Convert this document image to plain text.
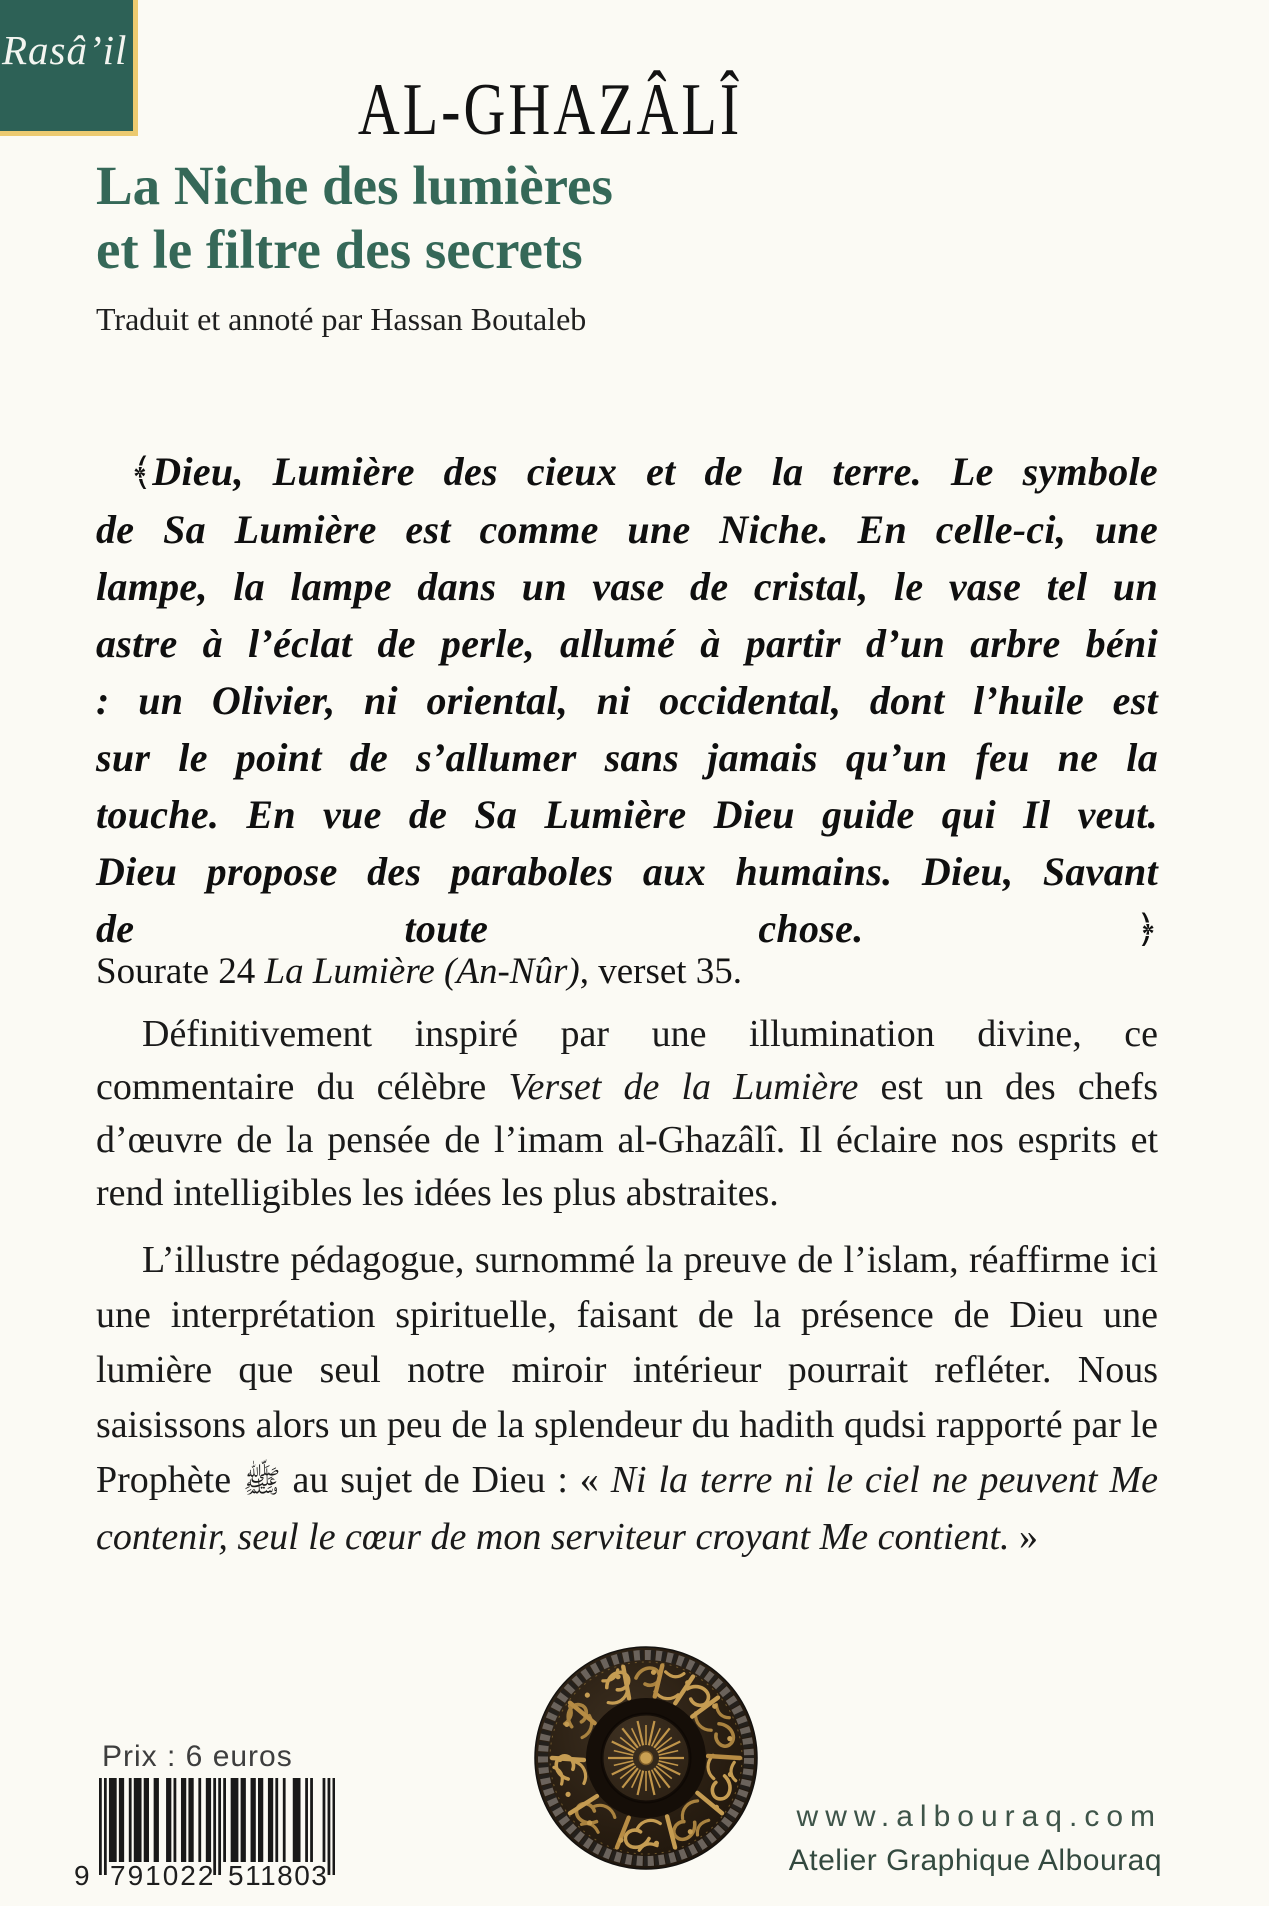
Rasâ’il
AL-GHAZÂLÎ
La Niche des lumières
et le filtre des secrets
Traduit et annoté par Hassan Boutaleb

﴾Dieu, Lumière des cieux et de la terre. Le symbole de Sa Lumière est comme une Niche. En celle-ci, une lampe, la lampe dans un vase de cristal, le vase tel un astre à l’éclat de perle, allumé à partir d’un arbre béni : un Olivier, ni oriental, ni occidental, dont l’huile est sur le point de s’allumer sans jamais qu’un feu ne la touche. En vue de Sa Lumière Dieu guide qui Il veut. Dieu propose des paraboles aux humains. Dieu, Savant de toute chose. ﴿

Sourate 24 La Lumière (An-Nûr), verset 35.

Définitivement inspiré par une illumination divine, ce commentaire du célèbre Verset de la Lumière est un des chefs d’œuvre de la pensée de l’imam al-Ghazâlî. Il éclaire nos esprits et rend intelligibles les idées les plus abstraites.

L’illustre pédagogue, surnommé la preuve de l’islam, réaffirme ici une interprétation spirituelle, faisant de la présence de Dieu une lumière que seul notre miroir intérieur pourrait refléter. Nous saisissons alors un peu de la splendeur du hadith qudsi rapporté par le Prophète ﷺ au sujet de Dieu : « Ni la terre ni le ciel ne peuvent Me contenir, seul le cœur de mon serviteur croyant Me contient. »

Prix : 6 euros
9 791022 511803
www.albouraq.com
Atelier Graphique Albouraq
